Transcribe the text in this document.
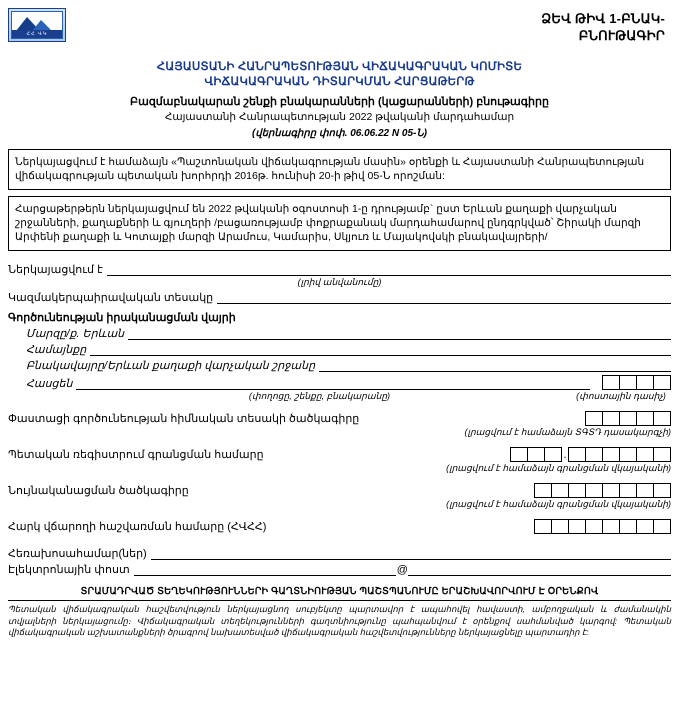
ՀՀ ՎԿ
ՁԵՎ ԹԻՎ 1-ԲՆԱԿ-
ԲՆՈՒԹԱԳԻՐ
ՀԱՅԱՍՏԱՆԻ ՀԱՆՐԱՊԵՏՈՒԹՅԱՆ ՎԻՃԱԿԱԳՐԱԿԱՆ ԿՈՄԻՏԵ
ՎԻՃԱԿԱԳՐԱԿԱՆ ԴԻՏԱՐԿՄԱՆ ՀԱՐՑԱԹԵՐԹ
Բազմաբնակարան շենքի բնակարանների (կացարանների) բնութագիրը
Հայաստանի Հանրապետության 2022 թվականի մարդահամար
(վերնագիրը փոփ. 06.06.22 N 05-Ն)
Ներկայացվում է համաձայն «Պաշտոնական վիճակագրության մասին» օրենքի և Հայաստանի Հանրապետության վիճակագրության պետական խորհրդի 2016թ. հունիսի 20-ի թիվ 05-Ն որոշման:
Հարցաթերթերն ներկայացվում են 2022 թվականի օգոստոսի 1-ը դրությամբ` ըստ Երևան քաղաքի վարչական շրջանների, քաղաքների և գյուղերի /բացառությամբ փոքրաքանակ մարդահամարով ընդգրկված՝ Շիրակի մարզի Արփենի քաղաքի և Կոտայքի մարզի Արամուս, Կամարիս, Սկյուռ և Մայակովսկի բնակավայրերի/
Ներկայացվում է
(լրիվ անվանումը)
Կազմակերպաիրավական տեսակը
Գործունեության իրականացման վայրի
Մարզը/ք. Երևան
Համայնքը
Բնակավայրը/Երևան քաղաքի վարչական շրջանը
Հասցեն
(փողոցը, շենքը, բնակարանը)	(փոստային դասիչ)
Փաստացի գործունեության հիմնական տեսակի ծածկագիրը
(լրացվում է համաձայն ՏԳՏԴ դասակարգչի)
Պետական ռեգիստրում գրանցման համարը	.
(լրացվում է համաձայն գրանցման վկայականի)
Նույնականացման ծածկագիրը
(լրացվում է համաձայն գրանցման վկայականի)
Հարկ վճարողի հաշվառման համարը (ՀՎՀՀ)
Հեռախոսահամար(ներ)
Էլեկտրոնային փոստ	@
ՏՐԱՄԱԴՐՎԱԾ ՏԵՂԵԿՈՒԹՅՈՒՆՆԵՐԻ ԳԱՂՏՆԻՈՒԹՅԱՆ ՊԱՇՏՊԱՆՈՒՄԸ ԵՐԱՇԽԱՎՈՐՎՈՒՄ Է ՕՐԵՆՔՈՎ
Պետական վիճակագրական հաշվետվություն ներկայացնող սուբյեկտը պարտավոր է ապահովել հավաստի, ամբողջական և ժամանակին տվյալների ներկայացումը։ Վիճակագրական տեղեկությունների գաղտնիությունը պահպանվում է օրենքով սահմանված կարգով: Պետական վիճակագրական աշխատանքների ծրագրով նախատեսված վիճակագրական հաշվետվությունները ներկայացնելը պարտադիր է:
